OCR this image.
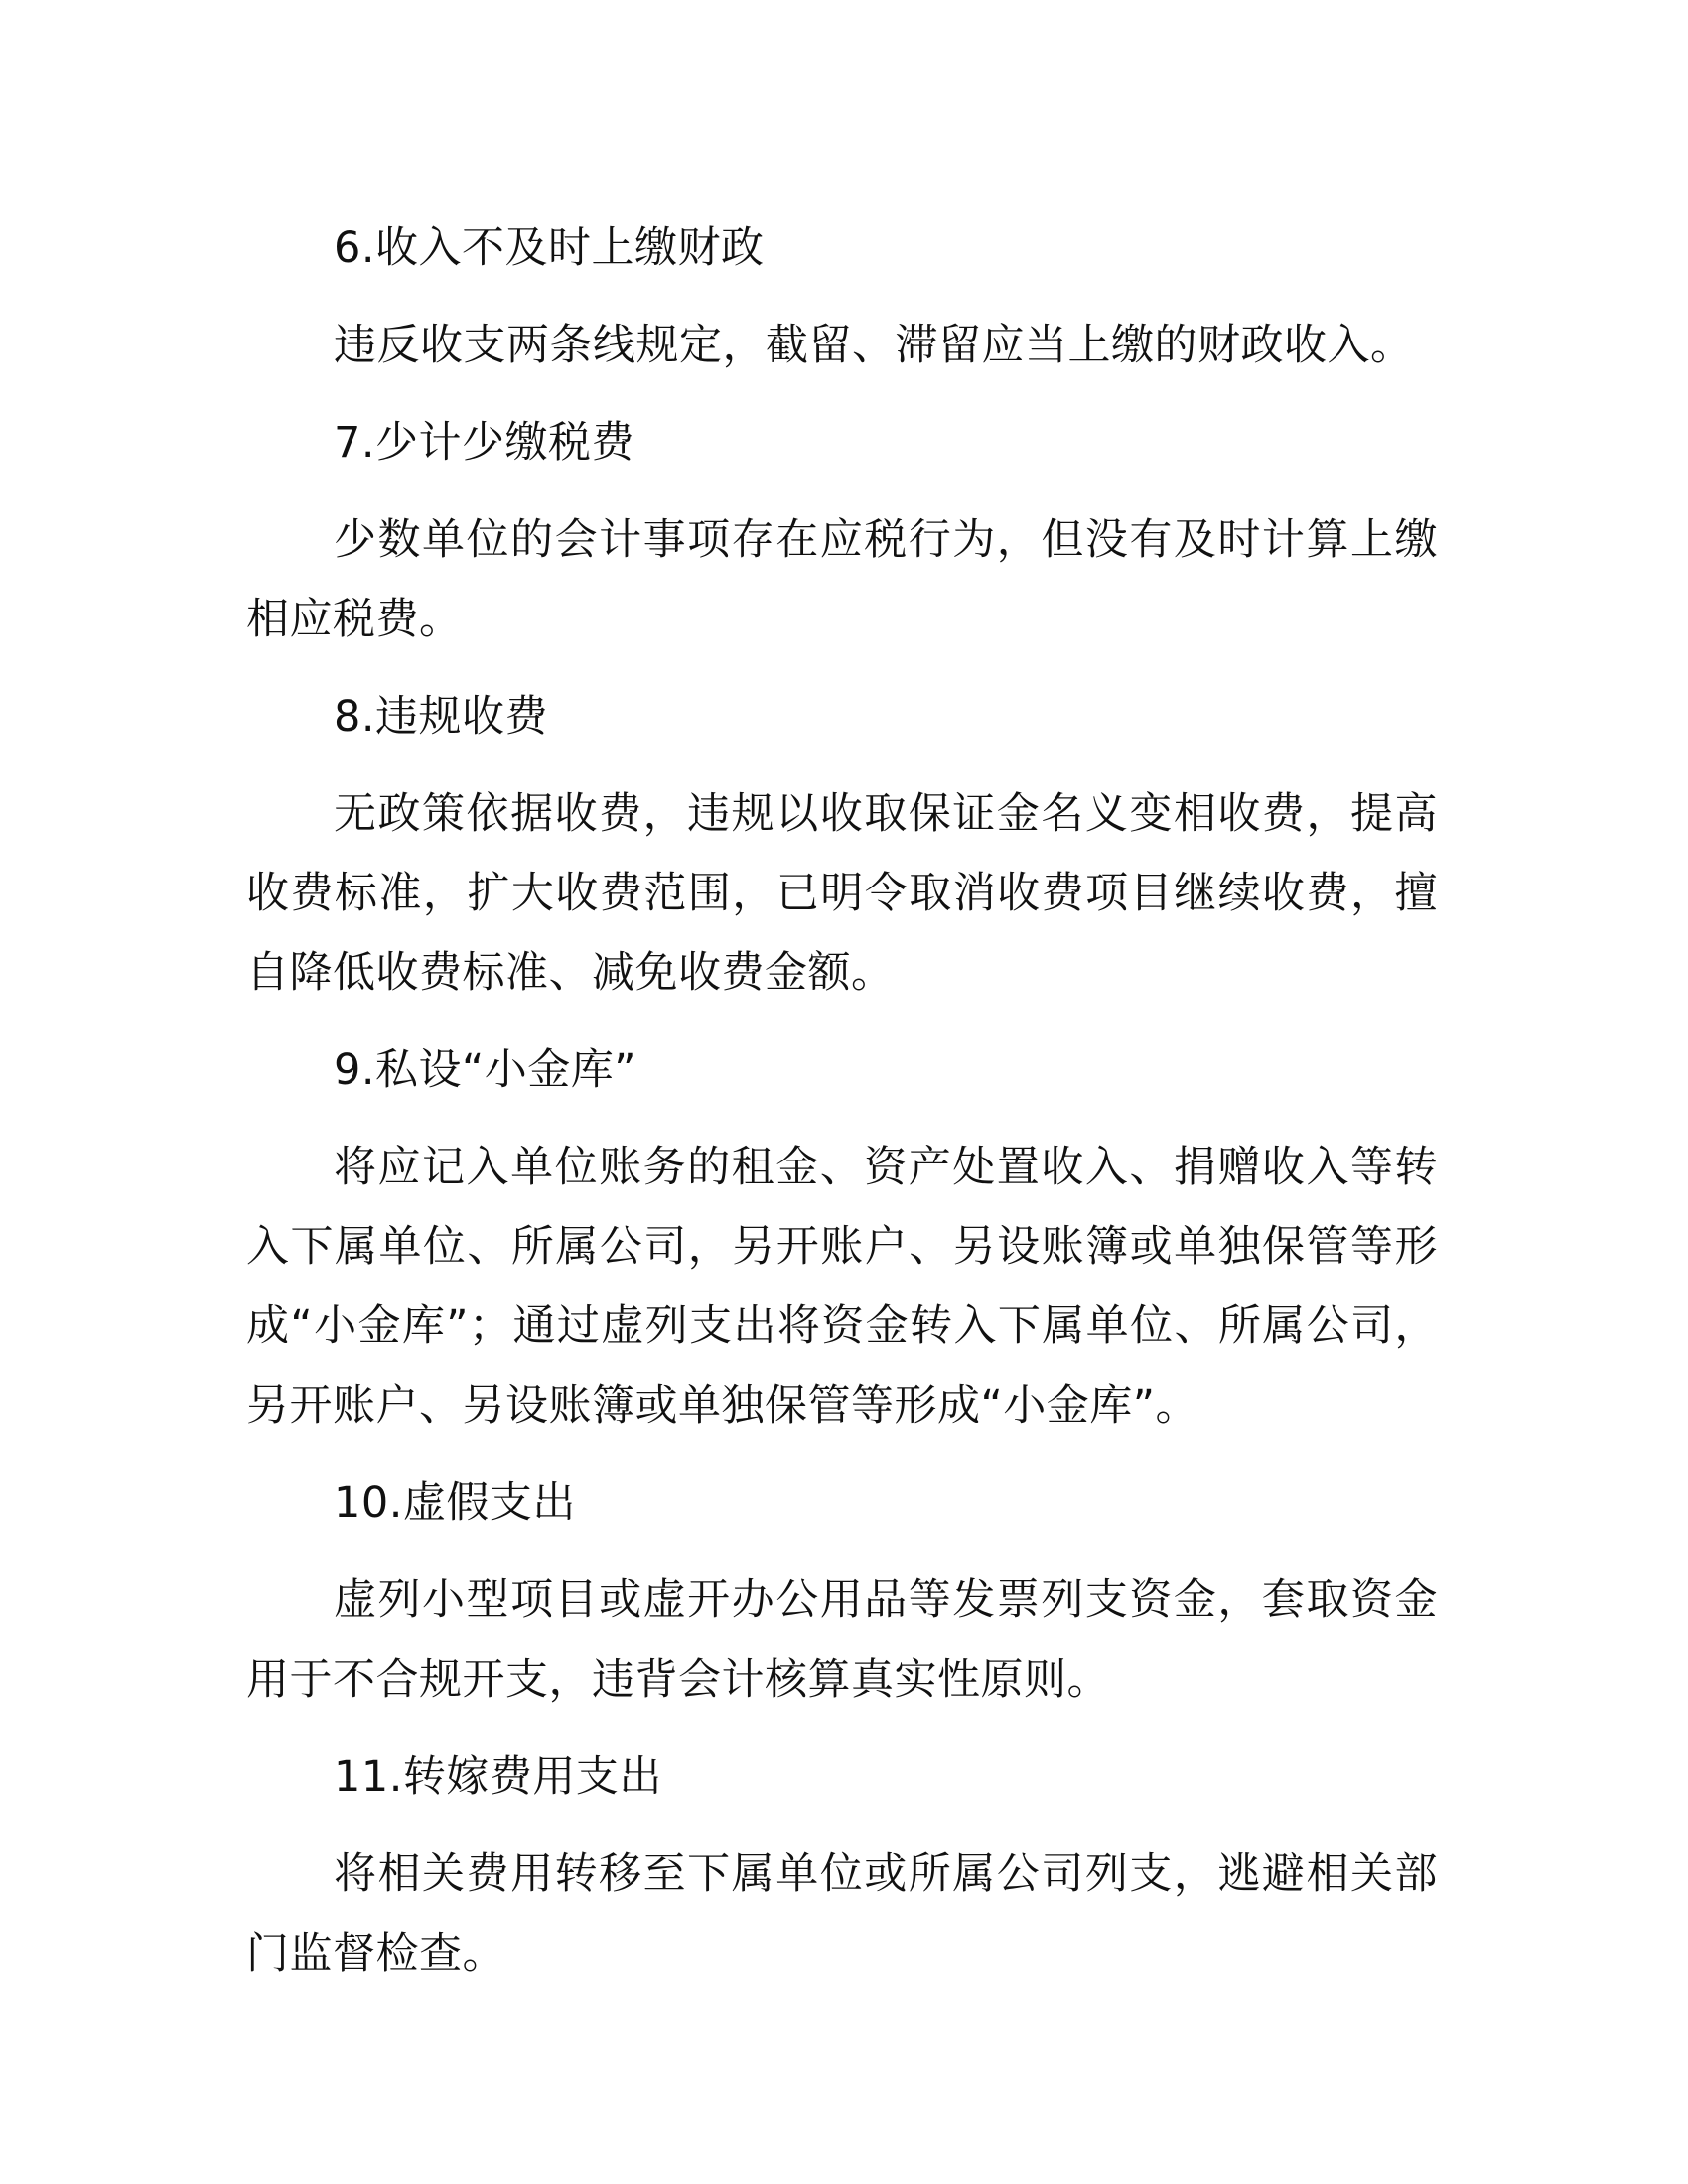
6.收入不及时上缴财政

违反收支两条线规定，截留、滞留应当上缴的财政收入。

7.少计少缴税费

少数单位的会计事项存在应税行为，但没有及时计算上缴相应税费。

8.违规收费

无政策依据收费，违规以收取保证金名义变相收费，提高收费标准，扩大收费范围，已明令取消收费项目继续收费，擅自降低收费标准、减免收费金额。

9.私设“小金库”

将应记入单位账务的租金、资产处置收入、捐赠收入等转入下属单位、所属公司，另开账户、另设账簿或单独保管等形成“小金库”；通过虚列支出将资金转入下属单位、所属公司，另开账户、另设账簿或单独保管等形成“小金库”。

10.虚假支出

虚列小型项目或虚开办公用品等发票列支资金，套取资金用于不合规开支，违背会计核算真实性原则。

11.转嫁费用支出

将相关费用转移至下属单位或所属公司列支，逃避相关部门监督检查。
